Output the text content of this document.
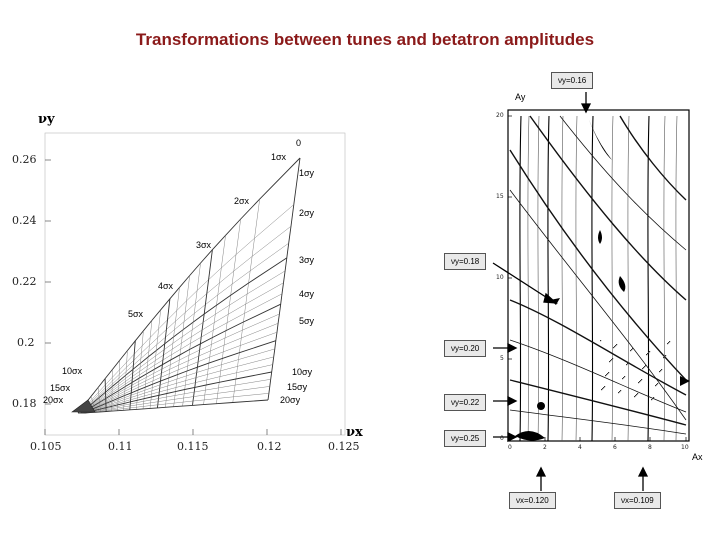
Transformations between tunes and betatron amplitudes
νy
νx
0.26
0.24
0.22
0.2
0.18
0.105	0.11	0.115	0.12	0.125
0
1σx
1σy
2σx
2σy
3σx
3σy
4σx
4σy
5σx
5σy
10σx	10σy
15σx	15σy
20σx	20σy
Ay
Ax
20
15
10
5
0
0	2	4	6	8	10
νy=0.16
νy=0.18
νy=0.20
νy=0.22
νy=0.25
νx=0.120	νx=0.109
